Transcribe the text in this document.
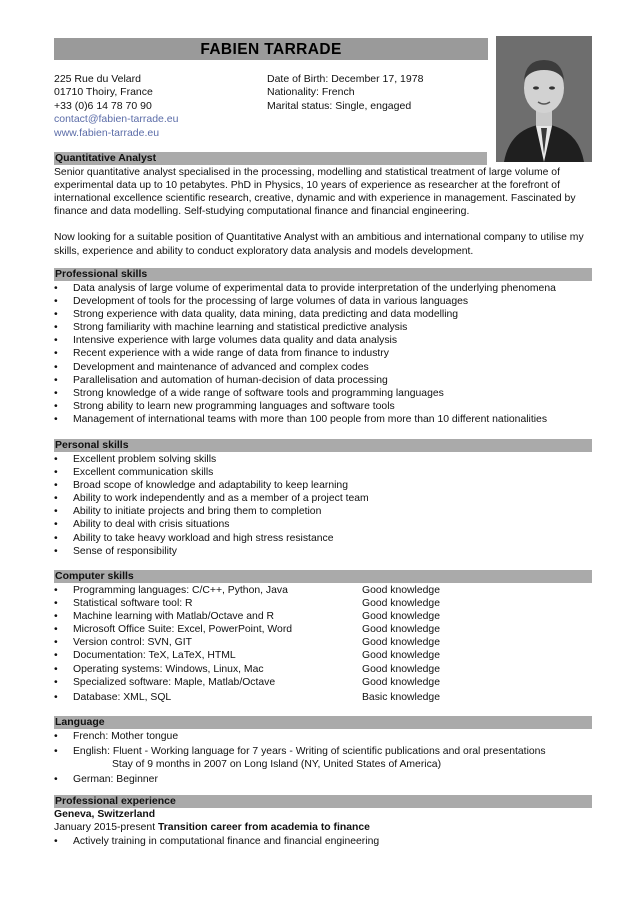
FABIEN TARRADE
225 Rue du Velard
01710 Thoiry, France
+33 (0)6 14 78 70 90
contact@fabien-tarrade.eu
www.fabien-tarrade.eu
Date of Birth: December 17, 1978
Nationality: French
Marital status: Single, engaged
Quantitative Analyst

Senior quantitative analyst specialised in the processing, modelling and statistical treatment of large volume of experimental data up to 10 petabytes. PhD in Physics, 10 years of experience as researcher at the forefront of international excellence scientific research, creative, dynamic and with experience in management. Fascinated by finance and data modelling. Self-studying computational finance and financial engineering.

Now looking for a suitable position of Quantitative Analyst with an ambitious and international company to utilise my skills, experience and ability to conduct exploratory data analysis and models development.

Professional skills
• Data analysis of large volume of experimental data to provide interpretation of the underlying phenomena
• Development of tools for the processing of large volumes of data in various languages
• Strong experience with data quality, data mining, data predicting and data modelling
• Strong familiarity with machine learning and statistical predictive analysis
• Intensive experience with large volumes data quality and data analysis
• Recent experience with a wide range of data from finance to industry
• Development and maintenance of advanced and complex codes
• Parallelisation and automation of human-decision of data processing
• Strong knowledge of a wide range of software tools and programming languages
• Strong ability to learn new programming languages and software tools
• Management of international teams with more than 100 people from more than 10 different nationalities
Personal skills
• Excellent problem solving skills
• Excellent communication skills
• Broad scope of knowledge and adaptability to keep learning
• Ability to work independently and as a member of a project team
• Ability to initiate projects and bring them to completion
• Ability to deal with crisis situations
• Ability to take heavy workload and high stress resistance
• Sense of responsibility
Computer skills
• Programming languages: C/C++, Python, Java	Good knowledge
• Statistical software tool: R	Good knowledge
• Machine learning with Matlab/Octave and R	Good knowledge
• Microsoft Office Suite: Excel, PowerPoint, Word	Good knowledge
• Version control: SVN, GIT	Good knowledge
• Documentation: TeX, LaTeX, HTML	Good knowledge
• Operating systems: Windows, Linux, Mac	Good knowledge
• Specialized software: Maple, Matlab/Octave	Good knowledge
• Database: XML, SQL	Basic knowledge
Language
• French: Mother tongue
• English: Fluent - Working language for 7 years - Writing of scientific publications and oral presentations
Stay of 9 months in 2007 on Long Island (NY, United States of America)
• German: Beginner
Professional experience
Geneva, Switzerland
January 2015-present Transition career from academia to finance
• Actively training in computational finance and financial engineering
